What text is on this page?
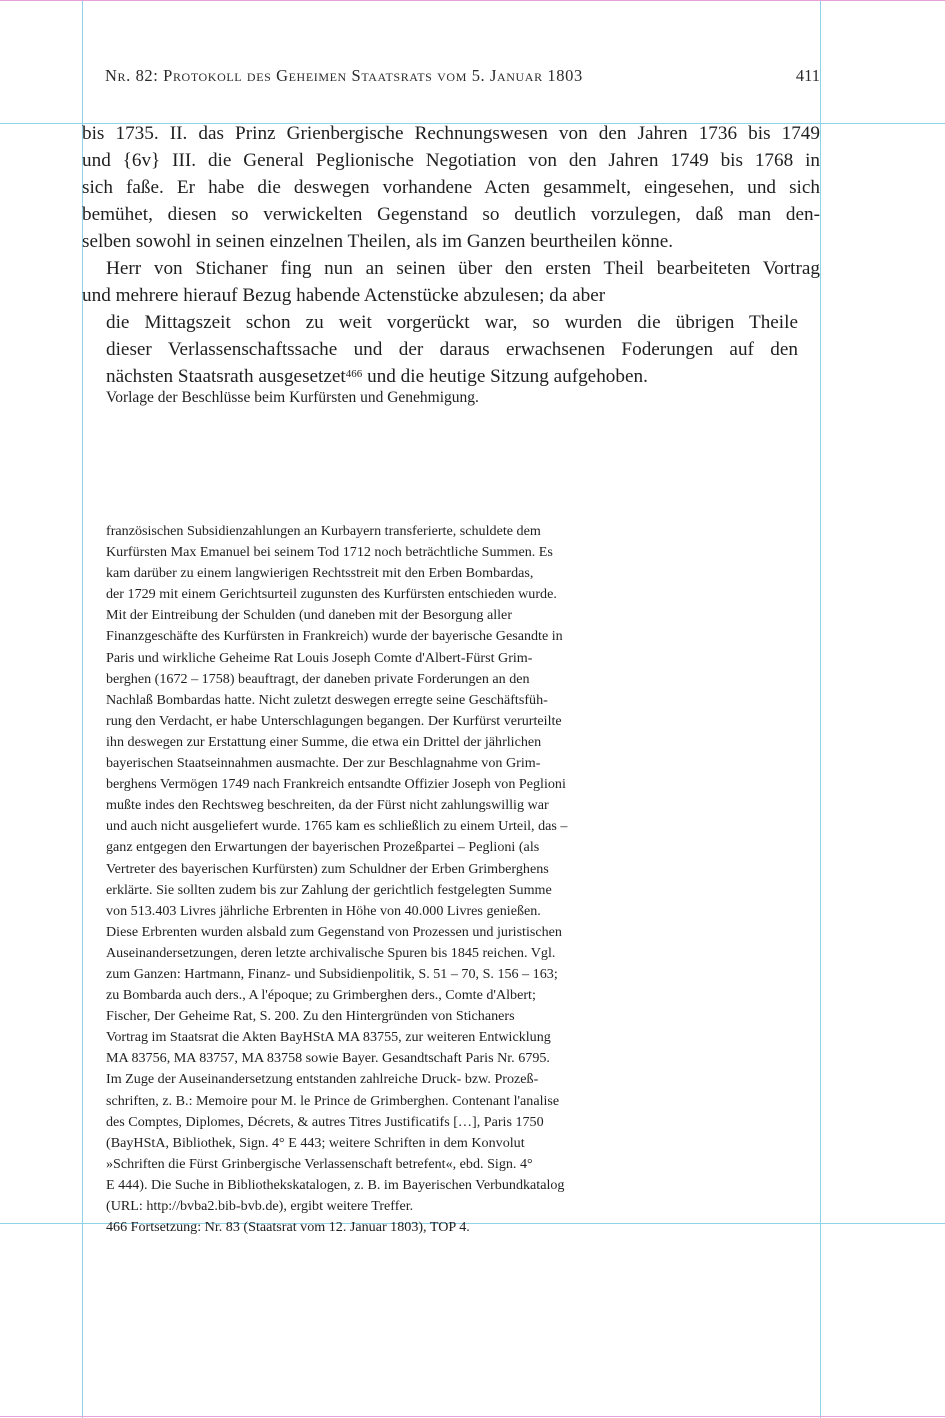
Nr. 82: Protokoll des Geheimen Staatsrats vom 5. Januar 1803	411
bis 1735. II. das Prinz Grienbergische Rechnungswesen von den Jahren 1736 bis 1749
und {6v} III. die General Peglionische Negotiation von den Jahren 1749 bis 1768 in
sich faße. Er habe die deswegen vorhandene Acten gesammelt, eingesehen, und sich
bemühet, diesen so verwickelten Gegenstand so deutlich vorzulegen, daß man den-
selben sowohl in seinen einzelnen Theilen, als im Ganzen beurtheilen könne.
Herr von Stichaner fing nun an seinen über den ersten Theil bearbeiteten Vortrag
und mehrere hierauf Bezug habende Actenstücke abzulesen; da aber
die Mittagszeit schon zu weit vorgerückt war, so wurden die übrigen Theile
dieser Verlassenschaftssache und der daraus erwachsenen Foderungen auf den
nächsten Staatsrath ausgesetzet$^{466}$ und die heutige Sitzung aufgehoben.
Vorlage der Beschlüsse beim Kurfürsten und Genehmigung.
französischen Subsidienzahlungen an Kurbayern transferierte, schuldete dem
Kurfürsten Max Emanuel bei seinem Tod 1712 noch beträchtliche Summen. Es
kam darüber zu einem langwierigen Rechtsstreit mit den Erben Bombardas,
der 1729 mit einem Gerichtsurteil zugunsten des Kurfürsten entschieden wurde.
Mit der Eintreibung der Schulden (und daneben mit der Besorgung aller
Finanzgeschäfte des Kurfürsten in Frankreich) wurde der bayerische Gesandte in
Paris und wirkliche Geheime Rat Louis Joseph Comte d'Albert-Fürst Grim-
berghen (1672 – 1758) beauftragt, der daneben private Forderungen an den
Nachlaß Bombardas hatte. Nicht zuletzt deswegen erregte seine Geschäftsfüh-
rung den Verdacht, er habe Unterschlagungen begangen. Der Kurfürst verurteilte
ihn deswegen zur Erstattung einer Summe, die etwa ein Drittel der jährlichen
bayerischen Staatseinnahmen ausmachte. Der zur Beschlagnahme von Grim-
berghens Vermögen 1749 nach Frankreich entsandte Offizier Joseph von Peglioni
mußte indes den Rechtsweg beschreiten, da der Fürst nicht zahlungswillig war
und auch nicht ausgeliefert wurde. 1765 kam es schließlich zu einem Urteil, das –
ganz entgegen den Erwartungen der bayerischen Prozeßpartei – Peglioni (als
Vertreter des bayerischen Kurfürsten) zum Schuldner der Erben Grimberghens
erklärte. Sie sollten zudem bis zur Zahlung der gerichtlich festgelegten Summe
von 513.403 Livres jährliche Erbrenten in Höhe von 40.000 Livres genießen.
Diese Erbrenten wurden alsbald zum Gegenstand von Prozessen und juristischen
Auseinandersetzungen, deren letzte archivalische Spuren bis 1845 reichen. Vgl.
zum Ganzen: Hartmann, Finanz- und Subsidienpolitik, S. 51 – 70, S. 156 – 163;
zu Bombarda auch ders., A l'époque; zu Grimberghen ders., Comte d'Albert;
Fischer, Der Geheime Rat, S. 200. Zu den Hintergründen von Stichaners
Vortrag im Staatsrat die Akten BayHStA MA 83755, zur weiteren Entwicklung
MA 83756, MA 83757, MA 83758 sowie Bayer. Gesandtschaft Paris Nr. 6795.
Im Zuge der Auseinandersetzung entstanden zahlreiche Druck- bzw. Prozeß-
schriften, z. B.: Memoire pour M. le Prince de Grimberghen. Contenant l'analise
des Comptes, Diplomes, Décrets, & autres Titres Justificatifs […], Paris 1750
(BayHStA, Bibliothek, Sign. 4° E 443; weitere Schriften in dem Konvolut
»Schriften die Fürst Grinbergische Verlassenschaft betrefent«, ebd. Sign. 4°
E 444). Die Suche in Bibliothekskatalogen, z. B. im Bayerischen Verbundkatalog
(URL: http://bvba2.bib-bvb.de), ergibt weitere Treffer.
466 Fortsetzung: Nr. 83 (Staatsrat vom 12. Januar 1803), TOP 4.
